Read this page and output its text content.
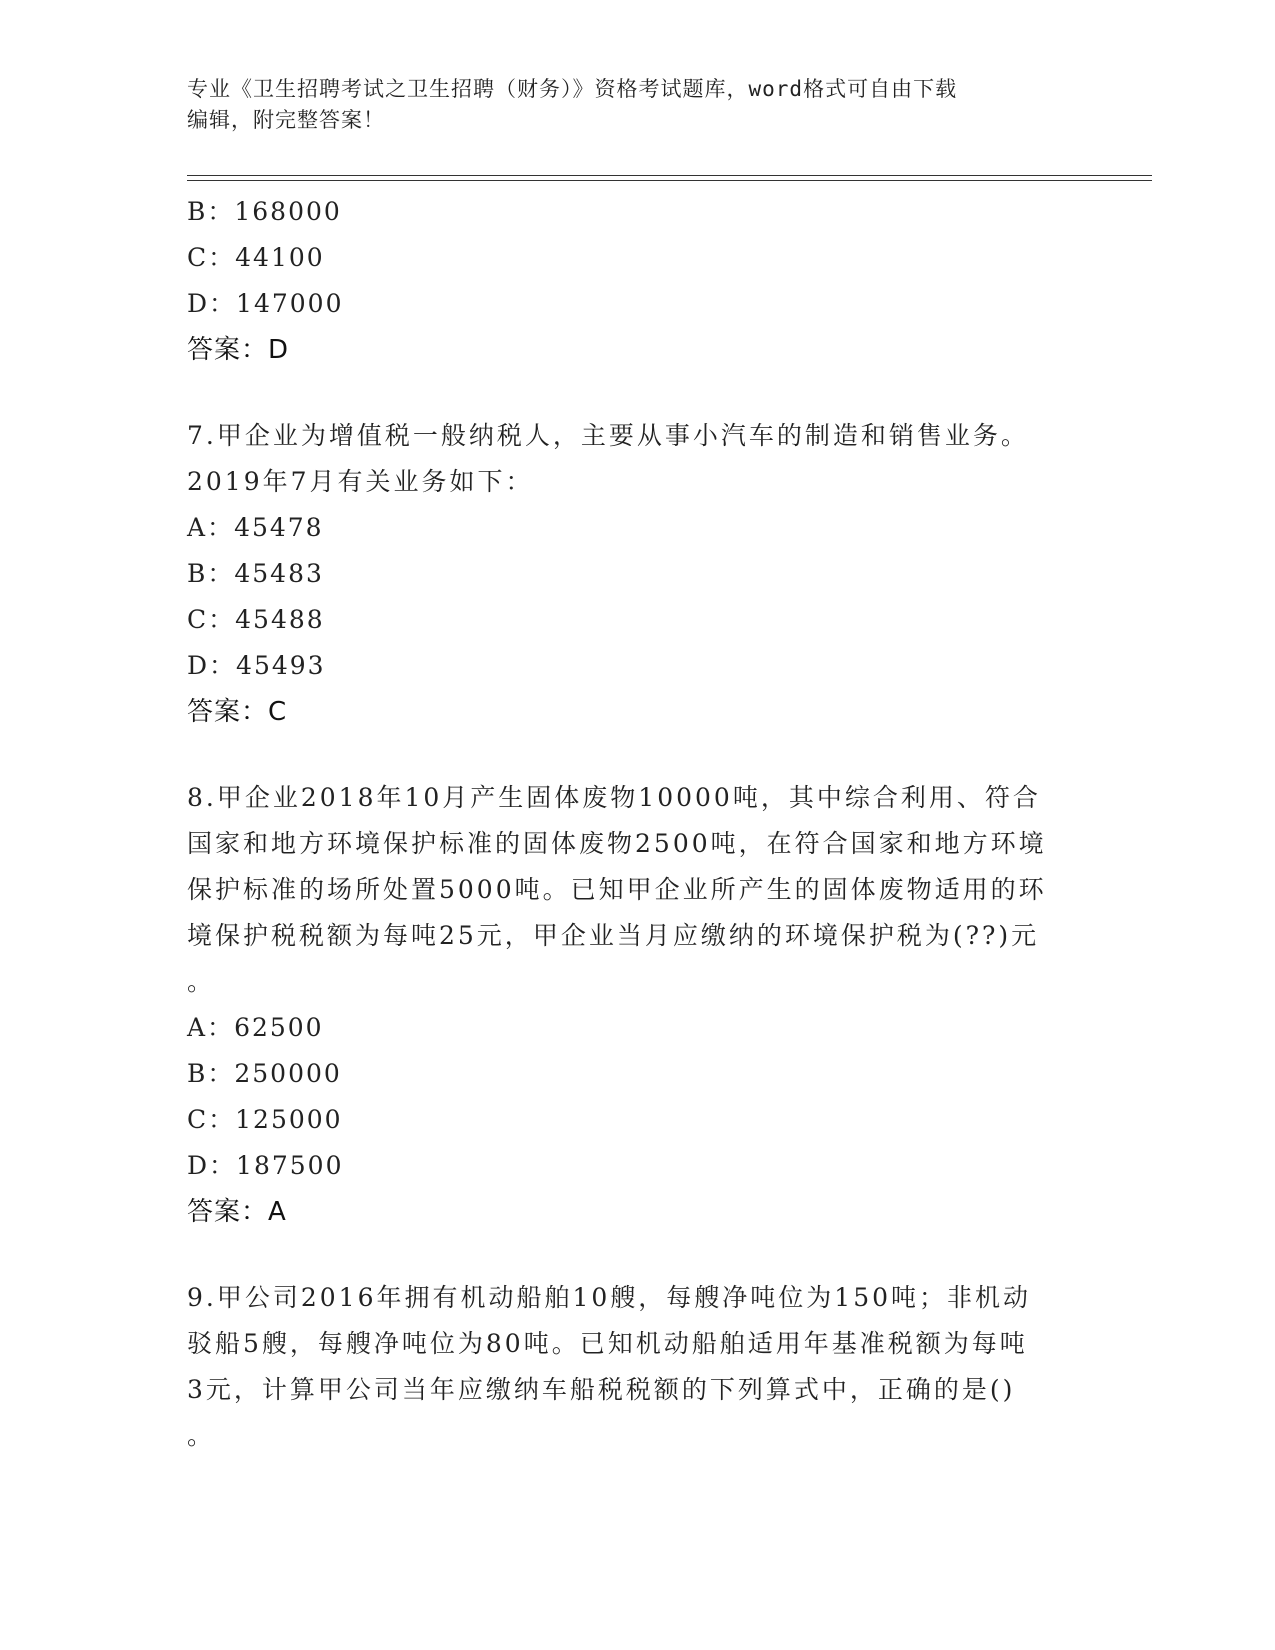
专业《卫生招聘考试之卫生招聘（财务）》资格考试题库，word格式可自由下载
编辑，附完整答案！
B：168000
C：44100
D：147000
答案：D
7.甲企业为增值税一般纳税人，主要从事小汽车的制造和销售业务。
2019年7月有关业务如下：
A：45478
B：45483
C：45488
D：45493
答案：C
8.甲企业2018年10月产生固体废物10000吨，其中综合利用、符合
国家和地方环境保护标准的固体废物2500吨，在符合国家和地方环境
保护标准的场所处置5000吨。已知甲企业所产生的固体废物适用的环
境保护税税额为每吨25元，甲企业当月应缴纳的环境保护税为(??)元
。
A：62500
B：250000
C：125000
D：187500
答案：A
9.甲公司2016年拥有机动船舶10艘，每艘净吨位为150吨；非机动
驳船5艘，每艘净吨位为80吨。已知机动船舶适用年基准税额为每吨
3元，计算甲公司当年应缴纳车船税税额的下列算式中，正确的是()
。
